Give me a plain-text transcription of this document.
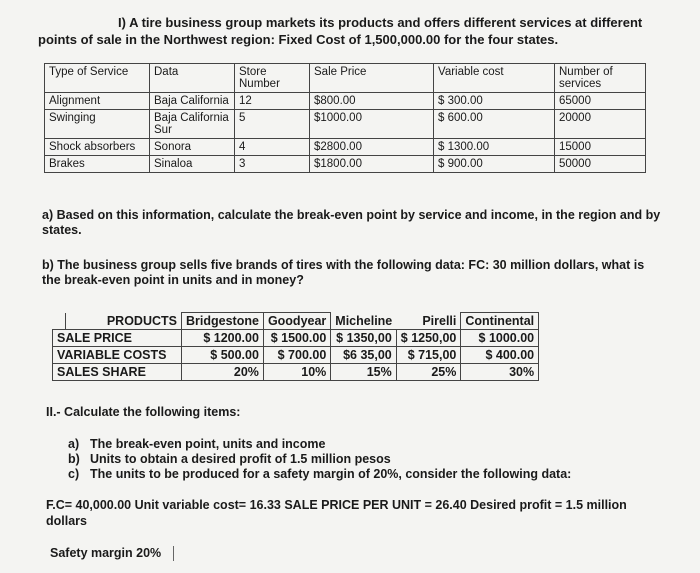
I) A tire business group markets its products and offers different services at different
points of sale in the Northwest region: Fixed Cost of 1,500,000.00 for the four states.
Type of Service	Data	Store Number	Sale Price	Variable cost	Number of services
Alignment	Baja California	12	$800.00	$ 300.00	65000
Swinging	Baja California Sur	5	$1000.00	$ 600.00	20000
Shock absorbers	Sonora	4	$2800.00	$ 1300.00	15000
Brakes	Sinaloa	3	$1800.00	$ 900.00	50000
a) Based on this information, calculate the break-even point by service and income, in the region and by states.
b) The business group sells five brands of tires with the following data: FC: 30 million dollars, what is the break-even point in units and in money?
	PRODUCTS	Bridgestone	Goodyear	Micheline	Pirelli	Continental
SALE PRICE		$ 1200.00	$ 1500.00	$ 1350,00	$ 1250,00	$ 1000.00
VARIABLE COSTS		$ 500.00	$ 700.00	$6 35,00	$ 715,00	$ 400.00
SALES SHARE		20%	10%	15%	25%	30%
II.- Calculate the following items:
a) The break-even point, units and income
b) Units to obtain a desired profit of 1.5 million pesos
c) The units to be produced for a safety margin of 20%, consider the following data:
F.C= 40,000.00 Unit variable cost= 16.33 SALE PRICE PER UNIT = 26.40 Desired profit = 1.5 million dollars
Safety margin 20%
